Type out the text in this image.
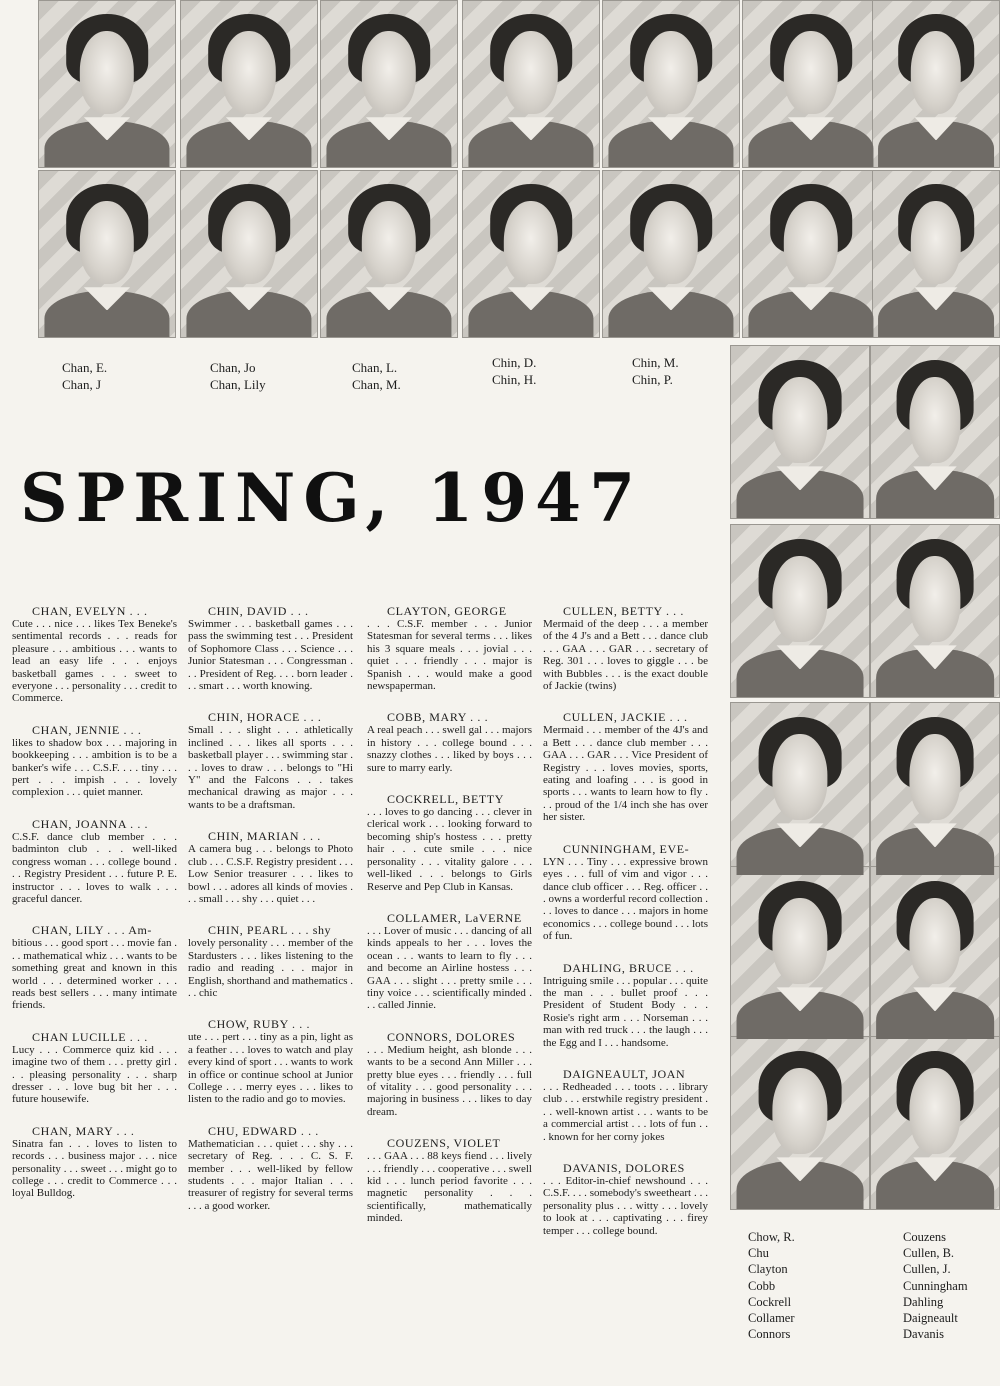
Chan, E.
Chan, J
Chan, Jo
Chan, Lily
Chan, L.
Chan, M.
Chin, D.
Chin, H.
Chin, M.
Chin, P.
SPRING, 1947
CHAN, EVELYN . . .
Cute . . . nice . . . likes Tex Beneke's sentimental records . . . reads for pleasure . . . ambitious . . . wants to lead an easy life . . . enjoys basketball games . . . sweet to everyone . . . personality . . . credit to Commerce.
CHAN, JENNIE . . .
likes to shadow box . . . majoring in bookkeeping . . . ambition is to be a banker's wife . . . C.S.F. . . . tiny . . . pert . . . impish . . . lovely complexion . . . quiet manner.
CHAN, JOANNA . . .
C.S.F. dance club member . . . badminton club . . . well-liked congress woman . . . college bound . . . Registry President . . . future P. E. instructor . . . loves to walk . . . graceful dancer.
CHAN, LILY . . . Am-
bitious . . . good sport . . . movie fan . . . mathematical whiz . . . wants to be something great and known in this world . . . determined worker . . . reads best sellers . . . many intimate friends.
CHAN LUCILLE . . .
Lucy . . . Commerce quiz kid . . . imagine two of them . . . pretty girl . . . pleasing personality . . . sharp dresser . . . love bug bit her . . . future housewife.
CHAN, MARY . . .
Sinatra fan . . . loves to listen to records . . . business major . . . nice personality . . . sweet . . . might go to college . . . credit to Commerce . . . loyal Bulldog.
CHIN, DAVID . . .
Swimmer . . . basketball games . . . pass the swimming test . . . President of Sophomore Class . . . Science . . . Junior Statesman . . . Congressman . . . President of Reg. . . . born leader . . . smart . . . worth knowing.
CHIN, HORACE . . .
Small . . . slight . . . athletically inclined . . . likes all sports . . . basketball player . . . swimming star . . . loves to draw . . . belongs to "Hi Y" and the Falcons . . . takes mechanical drawing as major . . . wants to be a draftsman.
CHIN, MARIAN . . .
A camera bug . . . belongs to Photo club . . . C.S.F. Registry president . . . Low Senior treasurer . . . likes to bowl . . . adores all kinds of movies . . . small . . . shy . . . quiet . . .
CHIN, PEARL . . . shy
lovely personality . . . member of the Stardusters . . . likes listening to the radio and reading . . . major in English, shorthand and mathematics . . . chic
CHOW, RUBY . . .
ute . . . pert . . . tiny as a pin, light as a feather . . . loves to watch and play every kind of sport . . . wants to work in office or continue school at Junior College . . . merry eyes . . . likes to listen to the radio and go to movies.
CHU, EDWARD . . .
Mathematician . . . quiet . . . shy . . . secretary of Reg. . . . C. S. F. member . . . well-liked by fellow students . . . major Italian . . . treasurer of registry for several terms . . . a good worker.
CLAYTON, GEORGE
. . . C.S.F. member . . . Junior Statesman for several terms . . . likes his 3 square meals . . . jovial . . . quiet . . . friendly . . . major is Spanish . . . would make a good newspaperman.
COBB, MARY . . .
A real peach . . . swell gal . . . majors in history . . . college bound . . . snazzy clothes . . . liked by boys . . . sure to marry early.
COCKRELL, BETTY
. . . loves to go dancing . . . clever in clerical work . . . looking forward to becoming ship's hostess . . . pretty hair . . . cute smile . . . nice personality . . . vitality galore . . . well-liked . . . belongs to Girls Reserve and Pep Club in Kansas.
COLLAMER, LaVERNE
. . . Lover of music . . . dancing of all kinds appeals to her . . . loves the ocean . . . wants to learn to fly . . . and become an Airline hostess . . . GAA . . . slight . . . pretty smile . . . tiny voice . . . scientifically minded . . . called Jinnie.
CONNORS, DOLORES
. . . Medium height, ash blonde . . . wants to be a second Ann Miller . . . pretty blue eyes . . . friendly . . . full of vitality . . . good personality . . . majoring in business . . . likes to day dream.
COUZENS, VIOLET
. . . GAA . . . 88 keys fiend . . . lively . . . friendly . . . cooperative . . . swell kid . . . lunch period favorite . . . magnetic personality . . . scientifically, mathematically minded.
CULLEN, BETTY . . .
Mermaid of the deep . . . a member of the 4 J's and a Bett . . . dance club . . . GAA . . . GAR . . . secretary of Reg. 301 . . . loves to giggle . . . be with Bubbles . . . is the exact double of Jackie (twins)
CULLEN, JACKIE . . .
Mermaid . . . member of the 4J's and a Bett . . . dance club member . . . GAA . . . GAR . . . Vice President of Registry . . . loves movies, sports, eating and loafing . . . is good in sports . . . wants to learn how to fly . . . proud of the 1/4 inch she has over her sister.
CUNNINGHAM, EVE-
LYN . . . Tiny . . . expressive brown eyes . . . full of vim and vigor . . . dance club officer . . . Reg. officer . . . owns a worderful record collection . . . loves to dance . . . majors in home economics . . . college bound . . . lots of fun.
DAHLING, BRUCE . . .
Intriguing smile . . . popular . . . quite the man . . . bullet proof . . . President of Student Body . . . Rosie's right arm . . . Norseman . . . man with red truck . . . the laugh . . . the Egg and I . . . handsome.
DAIGNEAULT, JOAN
. . . Redheaded . . . toots . . . library club . . . erstwhile registry president . . . well-known artist . . . wants to be a commercial artist . . . lots of fun . . . known for her corny jokes
DAVANIS, DOLORES
. . . Editor-in-chief newshound . . . C.S.F. . . . somebody's sweetheart . . . personality plus . . . witty . . . lovely to look at . . . captivating . . . firey temper . . . college bound.	Chow, R.
Chu
Clayton
Cobb
Cockrell
Collamer
Connors
Couzens
Cullen, B.
Cullen, J.
Cunningham
Dahling
Daigneault
Davanis
